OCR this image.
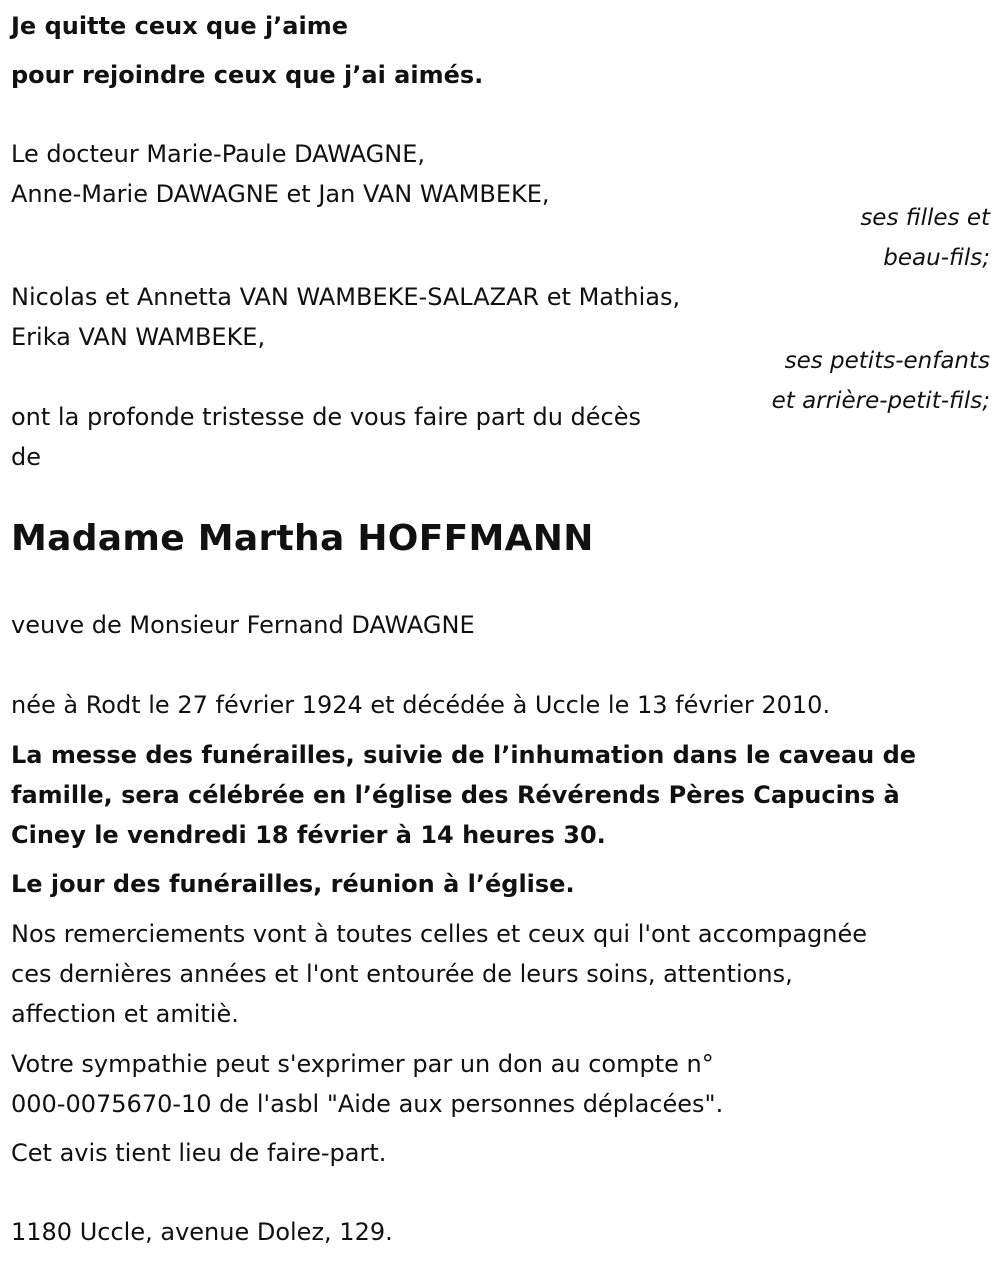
Je quitte ceux que j’aime
pour rejoindre ceux que j’ai aimés.
Le docteur Marie-Paule DAWAGNE,
Anne-Marie DAWAGNE et Jan VAN WAMBEKE,
ses filles et
beau-fils;
Nicolas et Annetta VAN WAMBEKE-SALAZAR et Mathias,
Erika VAN WAMBEKE,
ses petits-enfants
et arrière-petit-fils;
ont la profonde tristesse de vous faire part du décès
de
Madame Martha HOFFMANN
veuve de Monsieur Fernand DAWAGNE
née à Rodt le 27 février 1924 et décédée à Uccle le 13 février 2010.
La messe des funérailles, suivie de l’inhumation dans le caveau de
famille, sera célébrée en l’église des Révérends Pères Capucins à
Ciney le vendredi 18 février à 14 heures 30.
Le jour des funérailles, réunion à l’église.
Nos remerciements vont à toutes celles et ceux qui l'ont accompagnée
ces dernières années et l'ont entourée de leurs soins, attentions,
affection et amitiè.
Votre sympathie peut s'exprimer par un don au compte n°
000-0075670-10 de l'asbl "Aide aux personnes déplacées".
Cet avis tient lieu de faire-part.
1180 Uccle, avenue Dolez, 129.
